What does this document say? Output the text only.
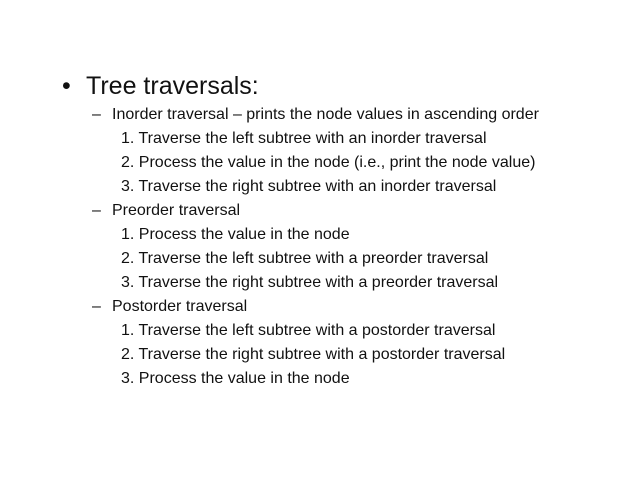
• Tree traversals:
– Inorder traversal – prints the node values in ascending order
1. Traverse the left subtree with an inorder traversal
2. Process the value in the node (i.e., print the node value)
3. Traverse the right subtree with an inorder traversal
– Preorder traversal
1. Process the value in the node
2. Traverse the left subtree with a preorder traversal
3. Traverse the right subtree with a preorder traversal
– Postorder traversal
1. Traverse the left subtree with a postorder traversal
2. Traverse the right subtree with a postorder traversal
3. Process the value in the node
